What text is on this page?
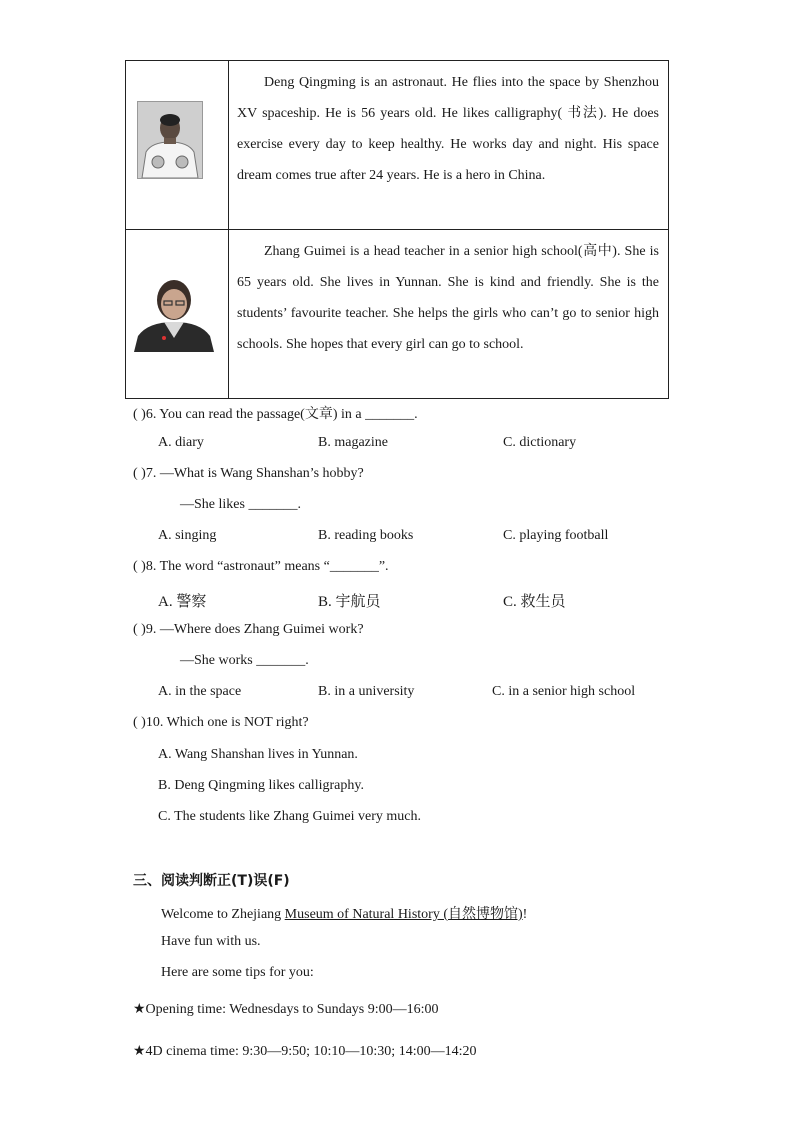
Deng Qingming is an astronaut. He flies into the space by Shenzhou XV spaceship. He is 56 years old. He likes calligraphy( 书法). He does exercise every day to keep healthy. He works day and night. His space dream comes true after 24 years. He is a hero in China.

Zhang Guimei is a head teacher in a senior high school(高中). She is 65 years old. She lives in Yunnan. She is kind and friendly. She is the students’ favourite teacher. She helps the girls who can’t go to senior high schools. She hopes that every girl can go to school.

( )6. You can read the passage(文章) in a _______.
A. diary	B. magazine	C. dictionary
( )7. —What is Wang Shanshan’s hobby?
—She likes _______.
A. singing	B. reading books	C. playing football
( )8. The word “astronaut” means “_______”.
A. 警察	B. 宇航员	C. 救生员
( )9. —Where does Zhang Guimei work?
—She works _______.
A. in the space	B. in a university	C. in a senior high school
( )10. Which one is NOT right?
A. Wang Shanshan lives in Yunnan.
B. Deng Qingming likes calligraphy.
C. The students like Zhang Guimei very much.
三、阅读判断正(T)误(F)
Welcome to Zhejiang Museum of Natural History (自然博物馆)!
Have fun with us.
Here are some tips for you:
★Opening time: Wednesdays to Sundays 9:00—16:00
★4D cinema time: 9:30—9:50; 10:10—10:30; 14:00—14:20
